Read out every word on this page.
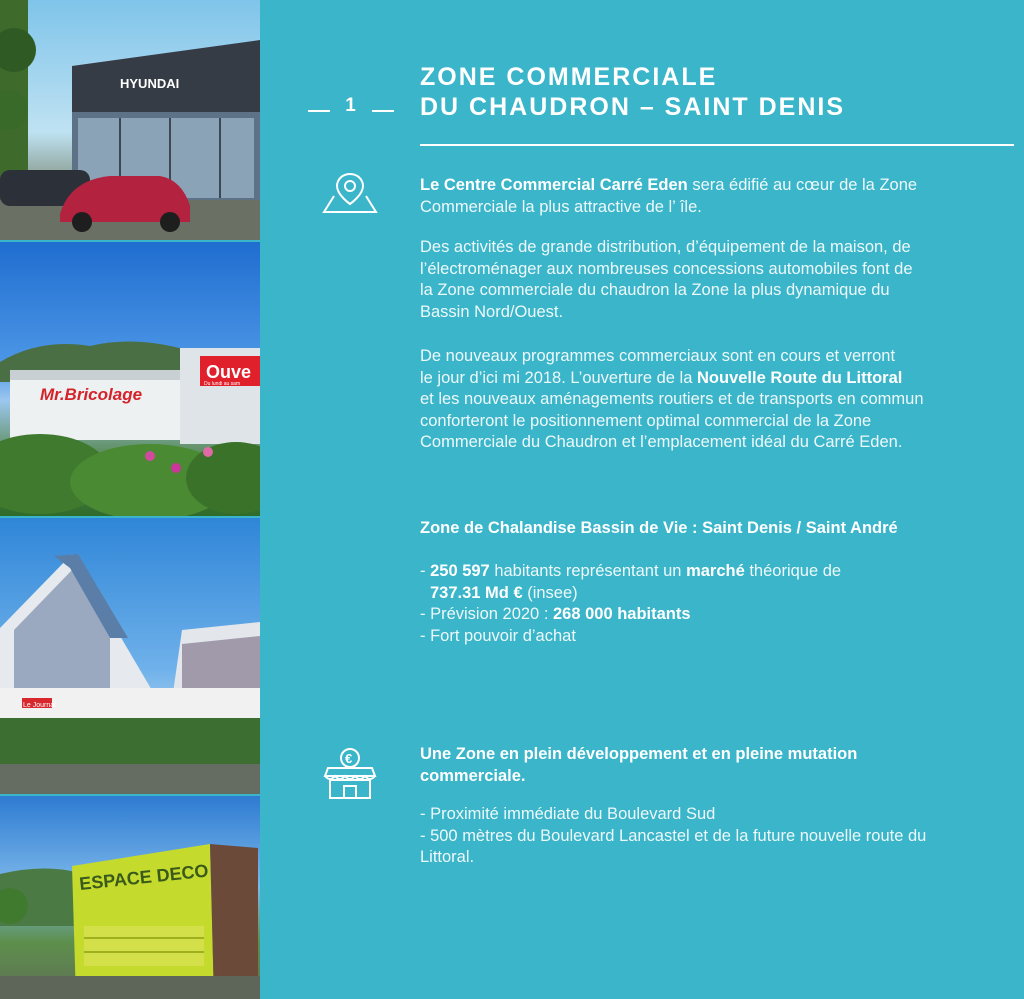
HYUNDAI
Mr.Bricolage
Ouve
Du lundi au sam
Le Journal
ESPACE DECO
1
ZONE COMMERCIALE
DU CHAUDRON – SAINT DENIS

Le Centre Commercial Carré Eden sera édifié au cœur de la Zone

Commerciale la plus attractive de l’ île.

Des activités de grande distribution, d’équipement de la maison, de

l’électroménager aux nombreuses concessions automobiles font de

la Zone commerciale du chaudron la Zone la plus dynamique du

Bassin Nord/Ouest.

De nouveaux programmes commerciaux sont en cours et verront

le jour d’ici mi 2018. L’ouverture de la Nouvelle Route du Littoral

et les nouveaux aménagements routiers et de transports en commun

conforteront le positionnement optimal commercial de la Zone

Commerciale du Chaudron et l’emplacement idéal du Carré Eden.

Zone de Chalandise Bassin de Vie : Saint Denis / Saint André

- 250 597 habitants représentant un marché théorique de

737.31 Md € (insee)

- Prévision 2020 : 268 000 habitants

- Fort pouvoir d’achat

€	Une Zone en plein développement et en pleine mutation

commerciale.

- Proximité immédiate du Boulevard Sud

- 500 mètres du Boulevard Lancastel et de la future nouvelle route du

Littoral.
